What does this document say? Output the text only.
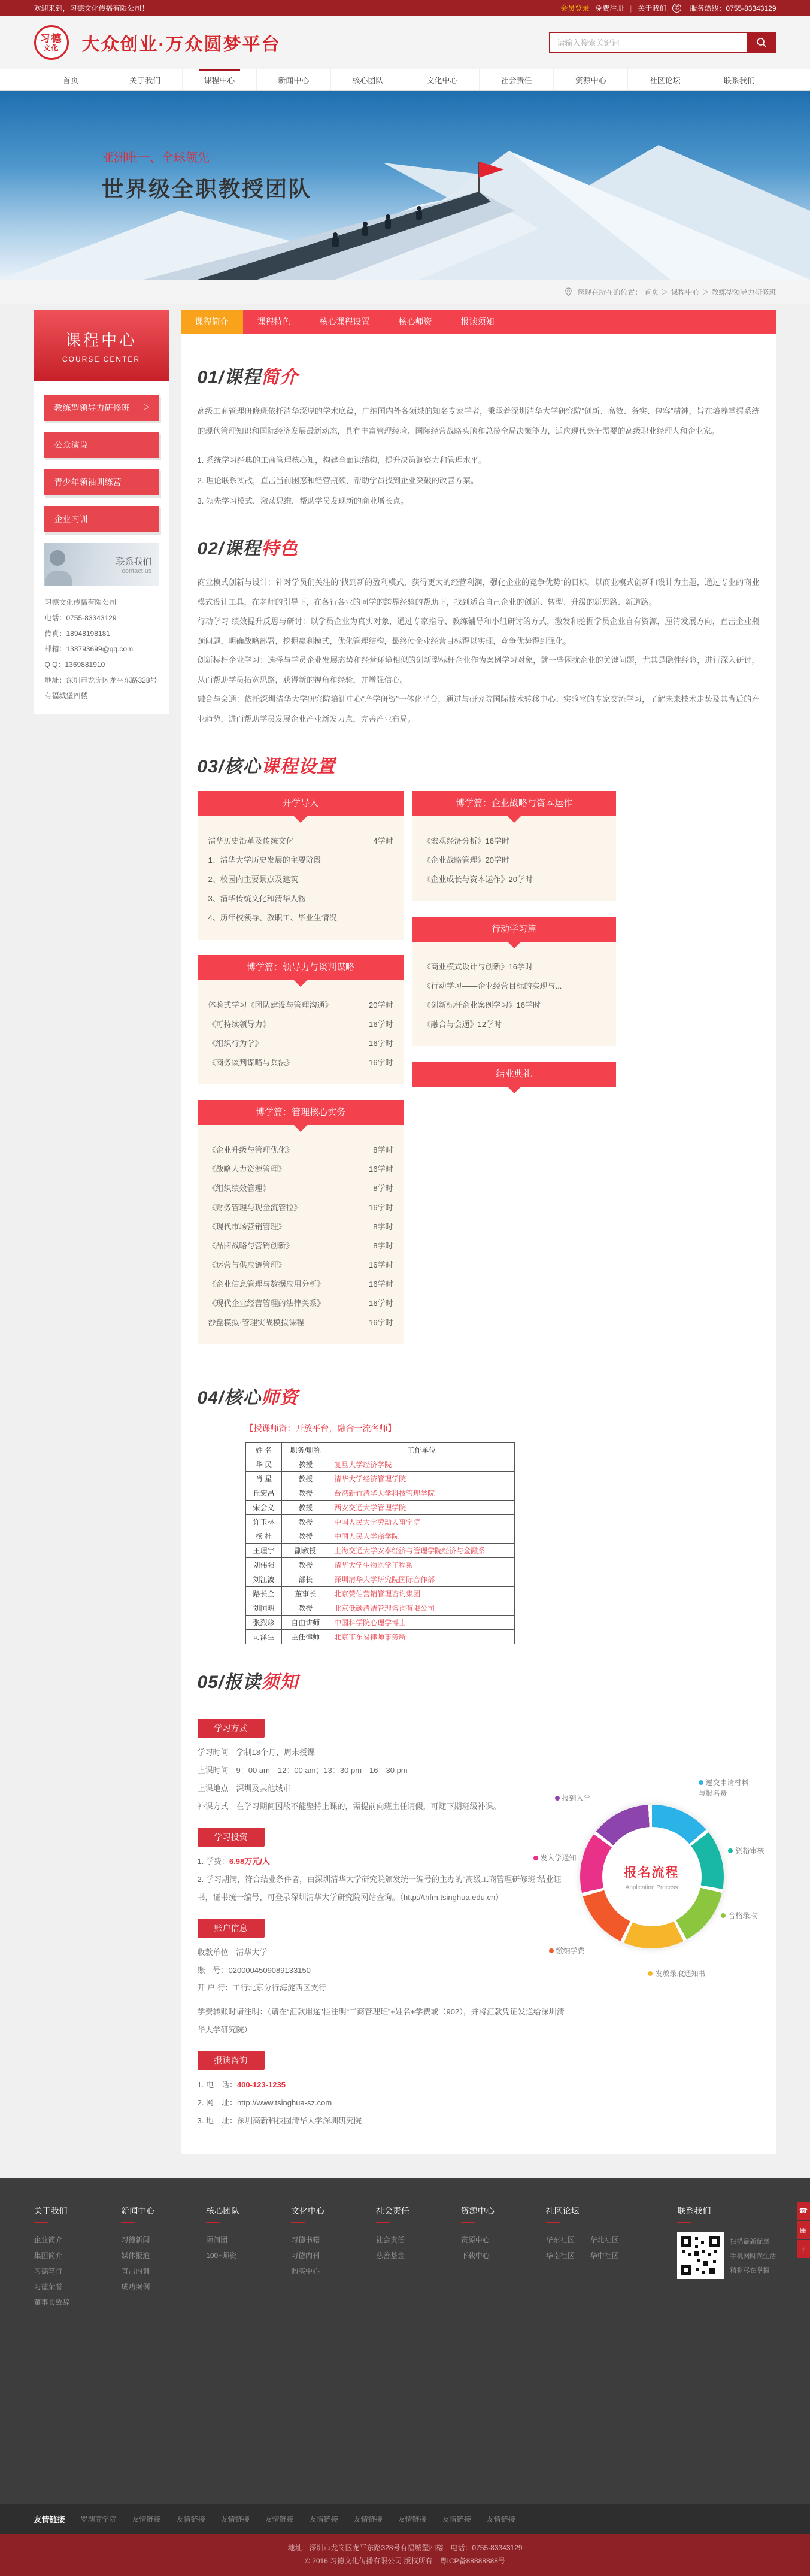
欢迎来到，习德文化传播有限公司！	会员登录 免费注册 | 关于我们	✆ 服务热线：0755-83343129
习德
文化 大众创业·万众圆梦平台
请输入搜索关键词
首页	关于我们	课程中心	新闻中心	核心团队	文化中心	社会责任	资源中心	社区论坛	联系我们
亚洲唯一、全球领先
世界级全职教授团队
您现在所在的位置： 首页 ＞ 课程中心 ＞ 教练型领导力研修班
课程中心
COURSE CENTER
教练型领导力研修班 ＞
公众演说
青少年领袖训练营
企业内训
联系我们
contact us
习德文化传播有限公司
电话：0755-83343129
传真：18948198181
邮箱：138793699@qq.com
Q Q：1369881910
地址：深圳市龙岗区龙平东路328号有福城堡四楼
课程简介	课程特色	核心课程设置	核心师资	报读须知
01/课程简介

高级工商管理研修班依托清华深厚的学术底蕴，广纳国内外各领域的知名专家学者，秉承着深圳清华大学研究院“创新、高效、务实、包容”精神，旨在培养掌握系统的现代管理知识和国际经济发展最新动态，具有丰富管理经验、国际经营战略头脑和总揽全局决策能力，适应现代竞争需要的高级职业经理人和企业家。

1. 系统学习经典的工商管理核心知，构建全面识结构，提升决策洞察力和管理水平。
2. 理论联系实战，直击当前困惑和经营瓶颈，帮助学员找到企业突破的改善方案。
3. 领先学习模式，激荡思维，帮助学员发现新的商业增长点。
02/课程特色

商业模式创新与设计：针对学员们关注的“找到新的盈利模式，获得更大的经营利润，强化企业的竞争优势”的目标，以商业模式创新和设计为主题，通过专业的商业模式设计工具，在老师的引导下，在各行各业的同学的跨界经验的帮助下，找到适合自己企业的创新、转型、升级的新思路、新道路。

行动学习-绩效提升反思与研讨：以学员企业为真实对象，通过专家指导、教练辅导和小组研讨的方式，激发和挖掘学员企业自有资源，厘清发展方向，直击企业瓶颈问题，明确战略部署，挖掘赢利模式，优化管理结构，最终使企业经营目标得以实现，竞争优势得到强化。

创新标杆企业学习：选择与学员企业发展态势和经营环境相似的创新型标杆企业作为案例学习对象，就一些困扰企业的关键问题，尤其是隐性经验，进行深入研讨，从而帮助学员拓宽思路，获得新的视角和经验，并增强信心。

融合与会通：依托深圳清华大学研究院培训中心“产学研资”一体化平台，通过与研究院国际技术转移中心、实验室的专家交流学习，了解未来技术走势及其背后的产业趋势，进而帮助学员发展企业产业新发力点，完善产业布局。

03/核心课程设置
开学导入
清华历史沿革及传统文化	4学时
1、清华大学历史发展的主要阶段
2、校园内主要景点及建筑
3、清华传统文化和清华人物
4、历年校领导、教职工、毕业生情况
博学篇：领导力与谈判谋略
体验式学习《团队建设与管理沟通》	20学时
《可持续领导力》	16学时
《组织行为学》	16学时
《商务谈判谋略与兵法》	16学时
博学篇：管理核心实务
《企业升级与管理优化》	8学时
《战略人力资源管理》	16学时
《组织绩效管理》	8学时
《财务管理与现金流管控》	16学时
《现代市场营销管理》	8学时
《品牌战略与营销创新》	8学时
《运营与供应链管理》	16学时
《企业信息管理与数据应用分析》	16学时
《现代企业经营管理的法律关系》	16学时
沙盘模拟·管理实战模拟课程	16学时
博学篇：企业战略与资本运作
《宏观经济分析》16学时
《企业战略管理》20学时
《企业成长与资本运作》20学时
行动学习篇
《商业模式设计与创新》16学时
《行动学习——企业经营目标的实现与...
《创新标杆企业案例学习》16学时
《融合与会通》12学时
结业典礼
04/核心师资
【授课师资：开放平台，融合一流名师】
姓 名	职务/职称	工作单位
华 民	教授	复旦大学经济学院
肖 星	教授	清华大学经济管理学院
丘宏昌	教授	台湾新竹清华大学科技管理学院
宋会义	教授	西安交通大学管理学院
许玉林	教授	中国人民大学劳动人事学院
杨 杜	教授	中国人民大学商学院
王理宇	副教授	上海交通大学安泰经济与管理学院经济与金融系
刘伟强	教授	清华大学生物医学工程系
刘江波	部长	深圳清华大学研究院国际合作部
路长全	董事长	北京赞伯营销管理咨询集团
刘国明	教授	北京低碳清洁管理咨询有限公司
张烈珍	自由讲师	中国科学院心理学博士
司泽生	主任律师	北京市东易律师事务所
05/报读须知
学习方式
学习时间：学制18个月，周末授课
上课时间：9：00 am—12：00 am；13：30 pm—16：30 pm
上课地点：深圳及其他城市
补课方式：在学习期间因故不能坚持上课的，需提前向班主任请假，可随下期班级补课。
学习投资
1. 学费：6.98万元/人
2. 学习期满，符合结业条件者，由深圳清华大学研究院颁发统一编号的主办的“高级工商管理研修班”结业证书，证书统一编号，可登录深圳清华大学研究院网站查询。（http://thfm.tsinghua.edu.cn）
账户信息
收款单位：清华大学
账　号：0200004509089133150
开 户 行：工行北京分行海淀西区支行
学费转账时请注明：（请在“汇款用途”栏注明“工商管理班”+姓名+学费或（902），并将汇款凭证发送给深圳清华大学研究院）
报读咨询
1. 电　话：400-123-1235
2. 网　址：http://www.tsinghua-sz.com
3. 地　址：深圳高新科技园清华大学深圳研究院
报名流程
Application Process
递交申请材料与报名费
资格审核
合格录取
发放录取通知书
缴纳学费
发入学通知
报到入学
关于我们
企业简介
集团简介
习德笃行
习德荣誉
董事长致辞
新闻中心
习德新闻
媒体报道
直击内训
成功案例
核心团队
顾问团
100+师资
文化中心
习德书籍
习德内刊
购买中心
社会责任
社会责任
慈善基金
资源中心
资源中心
下载中心
社区论坛
华东社区	华北社区
华南社区	华中社区
联系我们
扫描最新优惠
手机网时尚生活
精彩尽在掌握
☎
▦
↑
友情链接 罗湖商学院 友情链接 友情链接 友情链接 友情链接 友情链接 友情链接 友情链接 友情链接 友情链接
地址：深圳市龙岗区龙平东路328号有福城堡四楼　电话：0755-83343129
© 2016 习德文化传播有限公司 版权所有　粤ICP备88888888号
